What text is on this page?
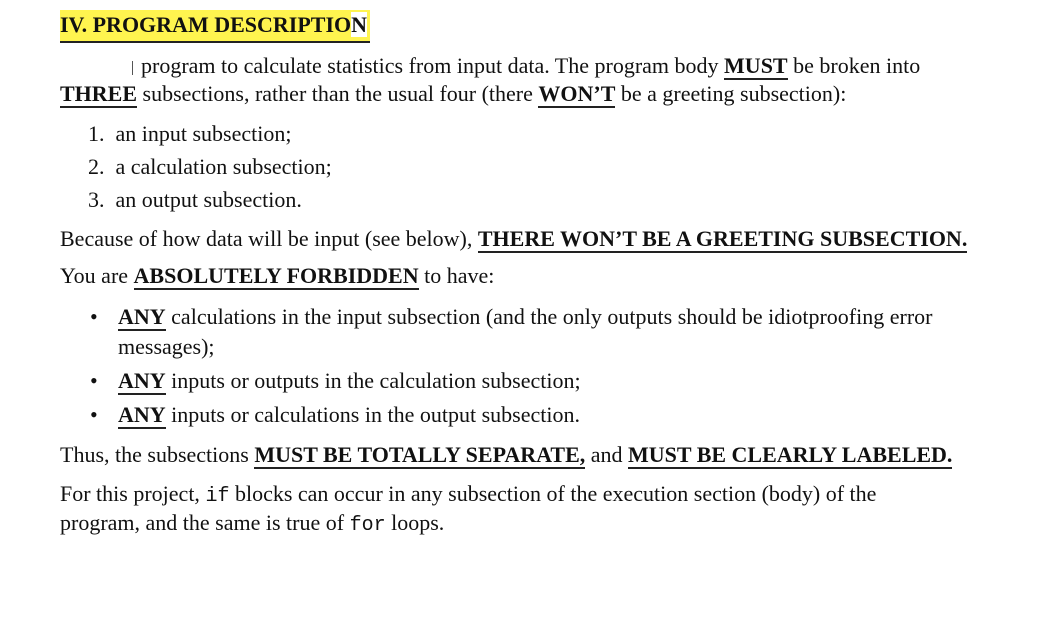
IV. PROGRAM DESCRIPTION

program to calculate statistics from input data. The program body MUST be broken into

THREE subsections, rather than the usual four (there WON’T be a greeting subsection):

1. an input subsection;
2. a calculation subsection;
3. an output subsection.

Because of how data will be input (see below), THERE WON’T BE A GREETING SUBSECTION.

You are ABSOLUTELY FORBIDDEN to have:

• ANY calculations in the input subsection (and the only outputs should be idiotproofing error
messages);
• ANY inputs or outputs in the calculation subsection;
• ANY inputs or calculations in the output subsection.

Thus, the subsections MUST BE TOTALLY SEPARATE, and MUST BE CLEARLY LABELED.

For this project, if blocks can occur in any subsection of the execution section (body) of the

program, and the same is true of for loops.
